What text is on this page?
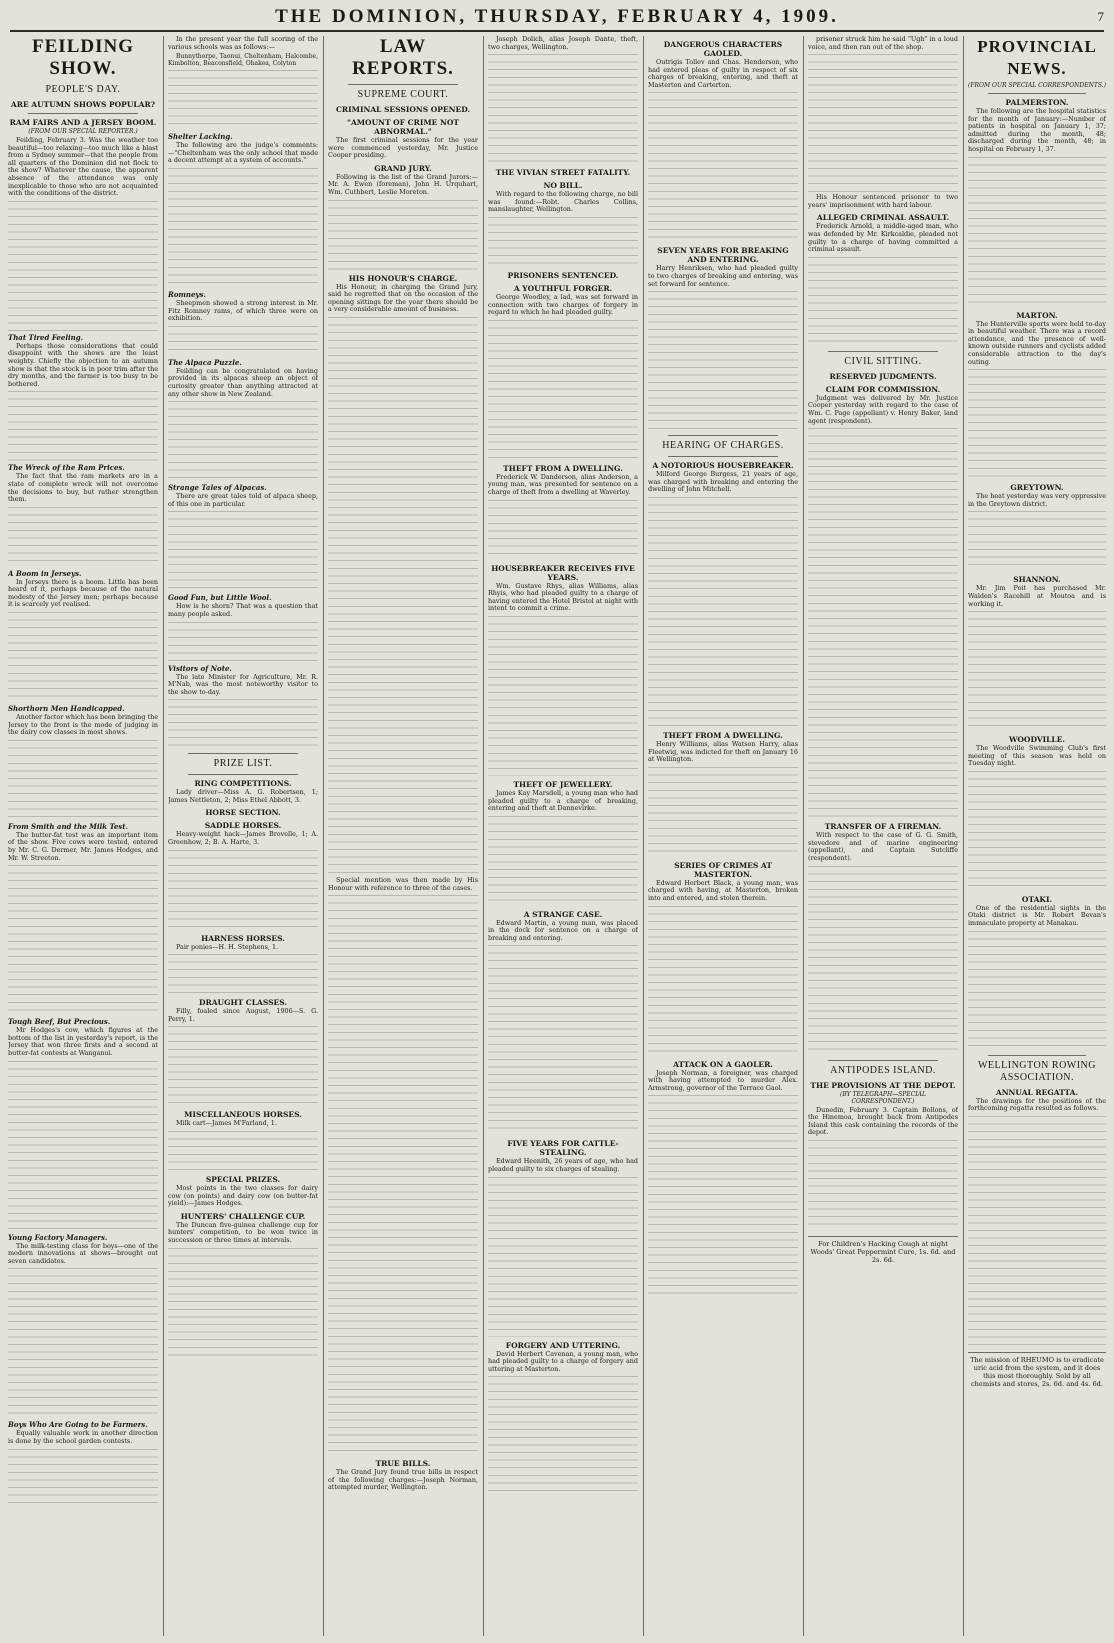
THE DOMINION, THURSDAY, FEBRUARY 4, 1909.	7
FEILDING SHOW.
PEOPLE'S DAY.
ARE AUTUMN SHOWS POPULAR?
RAM FAIRS AND A JERSEY BOOM.
(FROM OUR SPECIAL REPORTER.)

Feilding, February 3. Was the weather too beautiful—too relaxing—too much like a blast from a Sydney summer—that the people from all quarters of the Dominion did not flock to the show? Whatever the cause, the apparent absence of the attendance was only inexplicable to those who are not acquainted with the conditions of the district.

That Tired Feeling.

Perhaps those considerations that could disappoint with the shows are the least weighty. Chiefly the objection to an autumn show is that the stock is in poor trim after the dry months, and the farmer is too busy to be bothered.

The Wreck of the Ram Prices.

The fact that the ram markets are in a state of complete wreck will not overcome the decisions to buy, but rather strengthen them.

A Boom in Jerseys.

In Jerseys there is a boom. Little has been heard of it, perhaps because of the natural modesty of the Jersey men; perhaps because it is scarcely yet realised.

Shorthorn Men Handicapped.

Another factor which has been bringing the Jersey to the front is the mode of judging in the dairy cow classes in most shows.

From Smith and the Milk Test.

The butter-fat test was an important item of the show. Five cows were tested, entered by Mr. C. G. Dermer, Mr. James Hodges, and Mr. W. Streeton.

Tough Beef, But Precious.

Mr Hodges's cow, which figures at the bottom of the list in yesterday's report, is the Jersey that won three firsts and a second at butter-fat contests at Wanganui.

Young Factory Managers.

The milk-testing class for boys—one of the modern innovations at shows—brought out seven candidates.

Boys Who Are Going to be Farmers.

Equally valuable work in another direction is done by the school garden contests.

In the present year the full scoring of the various schools was as follows:—

Bunnythorpe, Taonui, Cheltenham, Halcombe, Kimbolton, Beaconsfield, Ohakea, Colyton

Shelter Lacking.

The following are the judge's comments:—"Cheltenham was the only school that made a decent attempt at a system of accounts."

Romneys.

Sheepmen showed a strong interest in Mr. Fitz Romney rams, of which three were on exhibition.

The Alpaca Puzzle.

Feilding can be congratulated on having provided in its alpacas sheep an object of curiosity greater than anything attracted at any other show in New Zealand.

Strange Tales of Alpacas.

There are great tales told of alpaca sheep, of this one in particular.

Good Fun, but Little Wool.

How is he shorn? That was a question that many people asked.

Visitors of Note.

The late Minister for Agriculture, Mr. R. M'Nab, was the most noteworthy visitor to the show to-day.

PRIZE LIST.
RING COMPETITIONS.

Lady driver—Miss A. G. Robertson, 1; James Nettleton, 2; Miss Ethel Abbott, 3.

HORSE SECTION.
SADDLE HORSES.

Heavy-weight hack—James Brovelle, 1; A. Greenhow, 2; B. A. Harte, 3.

HARNESS HORSES.

Pair ponies—H. H. Stephens, 1.

DRAUGHT CLASSES.

Filly, foaled since August, 1906—S. G. Perry, 1.

MISCELLANEOUS HORSES.

Milk cart—James M'Farland, 1.

SPECIAL PRIZES.

Most points in the two classes for dairy cow (on points) and dairy cow (on butter-fat yield):—James Hodges.

HUNTERS' CHALLENGE CUP.

The Duncan five-guinea challenge cup for hunters' competition, to be won twice in succession or three times at intervals.

LAW REPORTS.
SUPREME COURT.
CRIMINAL SESSIONS OPENED.
"AMOUNT OF CRIME NOT ABNORMAL."

The first criminal sessions for the year were commenced yesterday, Mr. Justice Cooper presiding.

GRAND JURY.

Following is the list of the Grand Jurors:—Mr. A. Ewen (foreman), John H. Urquhart, Wm. Cuthbert, Leslie Moreton.

HIS HONOUR'S CHARGE.

His Honour, in charging the Grand Jury, said he regretted that on the occasion of the opening sittings for the year there should be a very considerable amount of business.

Special mention was then made by His Honour with reference to three of the cases.

TRUE BILLS.

The Grand Jury found true bills in respect of the following charges:—Joseph Norman, attempted murder, Wellington.

Joseph Dolich, alias Joseph Dante, theft, two charges, Wellington.

THE VIVIAN STREET FATALITY.
NO BILL.

With regard to the following charge, no bill was found:—Robt. Charles Collins, manslaughter, Wellington.

PRISONERS SENTENCED.
A YOUTHFUL FORGER.

George Woodley, a lad, was set forward in connection with two charges of forgery in regard to which he had pleaded guilty.

THEFT FROM A DWELLING.

Frederick W. Danderson, alias Anderson, a young man, was presented for sentence on a charge of theft from a dwelling at Waverley.

HOUSEBREAKER RECEIVES FIVE YEARS.

Wm. Gustave Rhys, alias Williams, alias Rhyis, who had pleaded guilty to a charge of having entered the Hotel Bristol at night with intent to commit a crime.

THEFT OF JEWELLERY.

James Kay Marsdell, a young man who had pleaded guilty to a charge of breaking, entering and theft at Dannevirke.

A STRANGE CASE.

Edward Martin, a young man, was placed in the dock for sentence on a charge of breaking and entering.

FIVE YEARS FOR CATTLE-STEALING.

Edward Heenith, 26 years of age, who had pleaded guilty to six charges of stealing.

FORGERY AND UTTERING.

David Herbert Cavenan, a young man, who had pleaded guilty to a charge of forgery and uttering at Masterton.

DANGEROUS CHARACTERS GAOLED.

Outrigis Tollev and Chas. Henderson, who had entered pleas of guilty in respect of six charges of breaking, entering, and theft at Masterton and Carterton.

SEVEN YEARS FOR BREAKING AND ENTERING.

Harry Henriksen, who had pleaded guilty to two charges of breaking and entering, was set forward for sentence.

HEARING OF CHARGES.
A NOTORIOUS HOUSEBREAKER.

Milford George Burgess, 21 years of age, was charged with breaking and entering the dwelling of John Mitchell.

THEFT FROM A DWELLING.

Henry Williams, alias Watson Harry, alias Fleetwig, was indicted for theft on January 16 at Wellington.

SERIES OF CRIMES AT MASTERTON.

Edward Herbert Black, a young man, was charged with having, at Masterton, broken into and entered, and stolen therein.

ATTACK ON A GAOLER.

Joseph Norman, a foreigner, was charged with having attempted to murder Alex. Armstrong, governor of the Terrace Gaol.

prisoner struck him he said "Ugh" in a loud voice, and then ran out of the shop.

His Honour sentenced prisoner to two years' imprisonment with hard labour.

ALLEGED CRIMINAL ASSAULT.

Frederick Arnold, a middle-aged man, who was defended by Mr. Kirkcaldie, pleaded not guilty to a charge of having committed a criminal assault.

CIVIL SITTING.
RESERVED JUDGMENTS.
CLAIM FOR COMMISSION.

Judgment was delivered by Mr. Justice Cooper yesterday with regard to the case of Wm. C. Page (appellant) v. Henry Baker, land agent (respondent).

TRANSFER OF A FIREMAN.

With respect to the case of G. G. Smith, stevedore and of marine engineering (appellant), and Captain Sutcliffe (respondent).

ANTIPODES ISLAND.
THE PROVISIONS AT THE DEPOT.
(BY TELEGRAPH—SPECIAL CORRESPONDENT.)

Dunedin, February 3. Captain Bollons, of the Hinemoa, brought back from Antipodes Island this cask containing the records of the depot.

For Children's Hacking Cough at night Woods' Great Peppermint Cure, 1s. 6d. and 2s. 6d.
PROVINCIAL NEWS.
(FROM OUR SPECIAL CORRESPONDENTS.)
PALMERSTON.

The following are the hospital statistics for the month of January:—Number of patients in hospital on January 1, 37; admitted during the month, 48; discharged during the month, 48; in hospital on February 1, 37.

MARTON.

The Hunterville sports were held to-day in beautiful weather. There was a record attendance, and the presence of well-known outside runners and cyclists added considerable attraction to the day's outing.

GREYTOWN.

The heat yesterday was very oppressive in the Greytown district.

SHANNON.

Mr. Jim Poit has purchased Mr. Walden's Racehill at Moutoa and is working it.

WOODVILLE.

The Woodville Swimming Club's first meeting of this season was held on Tuesday night.

OTAKI.

One of the residential sights in the Otaki district is Mr. Robert Bevan's immaculate property at Manakau.

WELLINGTON ROWING ASSOCIATION.
ANNUAL REGATTA.

The drawings for the positions of the forthcoming regatta resulted as follows.

The mission of RHEUMO is to eradicate uric acid from the system, and it does this most thoroughly. Sold by all chemists and stores, 2s. 6d. and 4s. 6d.
